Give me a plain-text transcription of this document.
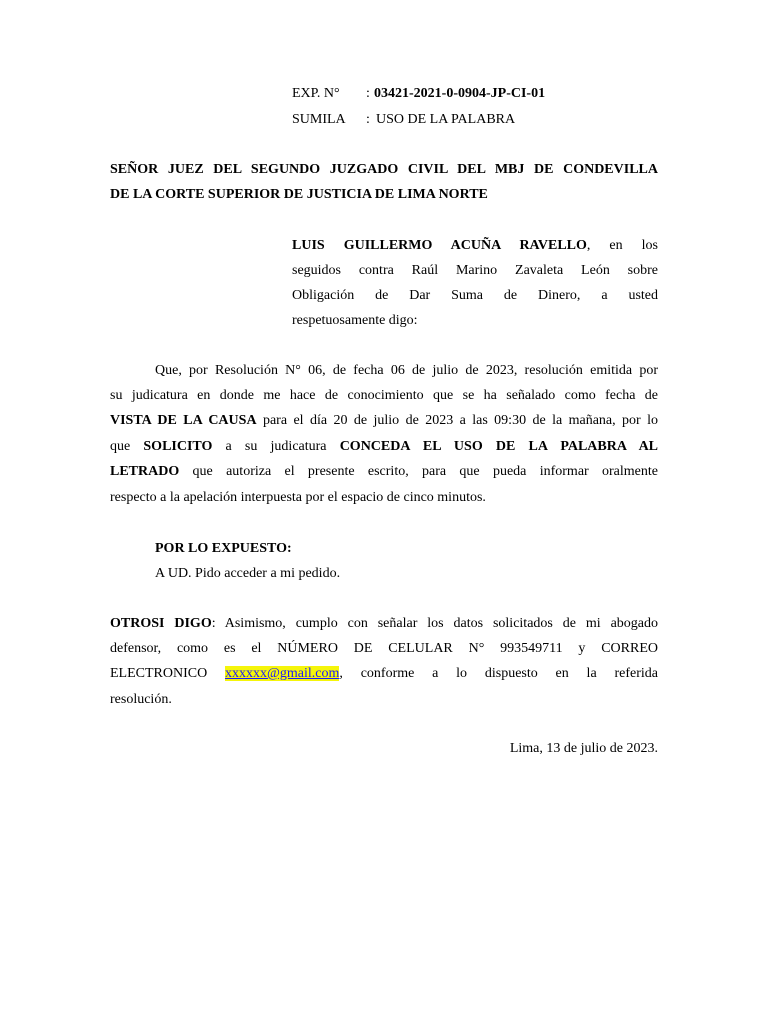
EXP. N° : 03421-2021-0-0904-JP-CI-01
SUMILA : USO DE LA PALABRA
SEÑOR JUEZ DEL SEGUNDO JUZGADO CIVIL DEL MBJ DE CONDEVILLA
DE LA CORTE SUPERIOR DE JUSTICIA DE LIMA NORTE
LUIS GUILLERMO ACUÑA RAVELLO, en los
seguidos contra Raúl Marino Zavaleta León sobre
Obligación de Dar Suma de Dinero, a usted
respetuosamente digo:
Que, por Resolución N° 06, de fecha 06 de julio de 2023, resolución emitida por
su judicatura en donde me hace de conocimiento que se ha señalado como fecha de
VISTA DE LA CAUSA para el día 20 de julio de 2023 a las 09:30 de la mañana, por lo
que SOLICITO a su judicatura CONCEDA EL USO DE LA PALABRA AL
LETRADO que autoriza el presente escrito, para que pueda informar oralmente
respecto a la apelación interpuesta por el espacio de cinco minutos.
POR LO EXPUESTO:
A UD. Pido acceder a mi pedido.
OTROSI DIGO: Asimismo, cumplo con señalar los datos solicitados de mi abogado
defensor, como es el NÚMERO DE CELULAR N° 993549711 y CORREO
ELECTRONICO xxxxxx@gmail.com, conforme a lo dispuesto en la referida
resolución.
Lima, 13 de julio de 2023.
